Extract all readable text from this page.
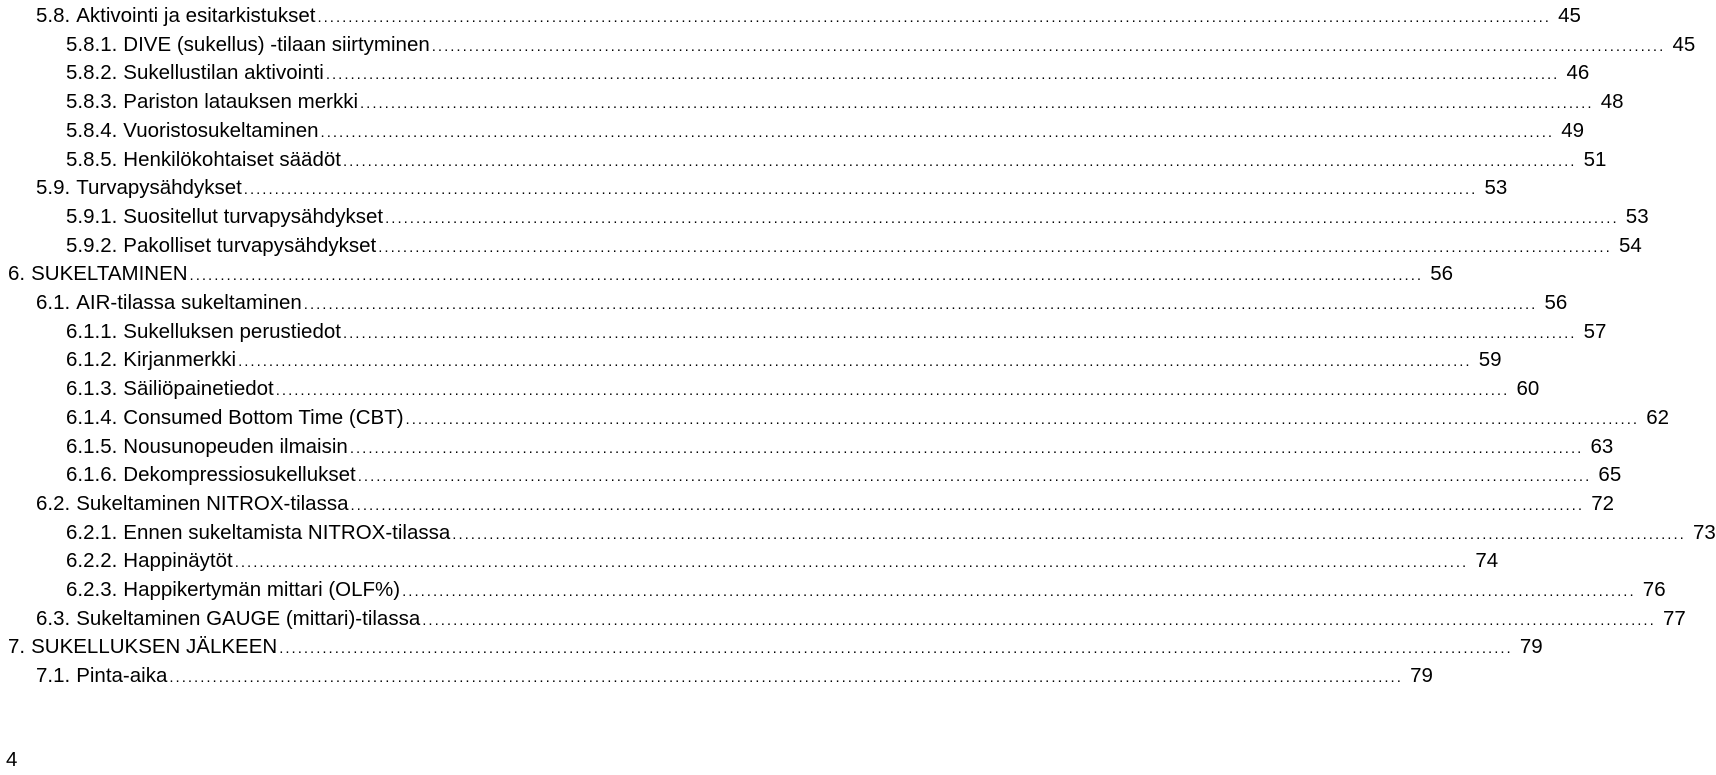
5.8. Aktivointi ja esitarkistukset ........................................................................................................................................................................................................ 45
5.8.1. DIVE (sukellus) -tilaan siirtyminen ........................................................................................................................................................................................................ 45
5.8.2. Sukellustilan aktivointi ........................................................................................................................................................................................................ 46
5.8.3. Pariston latauksen merkki ........................................................................................................................................................................................................ 48
5.8.4. Vuoristosukeltaminen ........................................................................................................................................................................................................ 49
5.8.5. Henkilökohtaiset säädöt ........................................................................................................................................................................................................ 51
5.9. Turvapysähdykset ........................................................................................................................................................................................................ 53
5.9.1. Suositellut turvapysähdykset ........................................................................................................................................................................................................ 53
5.9.2. Pakolliset turvapysähdykset ........................................................................................................................................................................................................ 54
6. SUKELTAMINEN ........................................................................................................................................................................................................ 56
6.1. AIR-tilassa sukeltaminen ........................................................................................................................................................................................................ 56
6.1.1. Sukelluksen perustiedot ........................................................................................................................................................................................................ 57
6.1.2. Kirjanmerkki ........................................................................................................................................................................................................ 59
6.1.3. Säiliöpainetiedot ........................................................................................................................................................................................................ 60
6.1.4. Consumed Bottom Time (CBT) ........................................................................................................................................................................................................ 62
6.1.5. Nousunopeuden ilmaisin ........................................................................................................................................................................................................ 63
6.1.6. Dekompressiosukellukset ........................................................................................................................................................................................................ 65
6.2. Sukeltaminen NITROX-tilassa ........................................................................................................................................................................................................ 72
6.2.1. Ennen sukeltamista NITROX-tilassa ........................................................................................................................................................................................................ 73
6.2.2. Happinäytöt ........................................................................................................................................................................................................ 74
6.2.3. Happikertymän mittari (OLF%) ........................................................................................................................................................................................................ 76
6.3. Sukeltaminen GAUGE (mittari)-tilassa ........................................................................................................................................................................................................ 77
7. SUKELLUKSEN JÄLKEEN ........................................................................................................................................................................................................ 79
7.1. Pinta-aika ........................................................................................................................................................................................................ 79
4
